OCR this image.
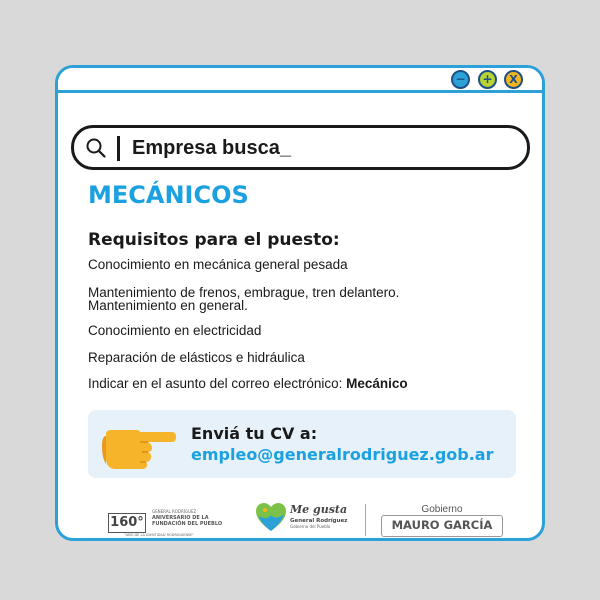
−	+	X
Empresa busca_
MECÁNICOS
Requisitos para el puesto:
Conocimiento en mecánica general pesada
Mantenimiento de frenos, embrague, tren delantero.
Mantenimiento en general.
Conocimiento en electricidad
Reparación de elásticos e hidráulica
Indicar en el asunto del correo electrónico: Mecánico
Enviá tu CV a:
empleo@generalrodriguez.gob.ar
160°
GENERAL RODRÍGUEZ
ANIVERSARIO DE LA
FUNDACIÓN DEL PUEBLO
"AÑO DE LA IDENTIDAD RODRIGUENSE"
Me gusta
General Rodríguez
Gobierno del Pueblo
Gobierno
MAURO GARCÍA
